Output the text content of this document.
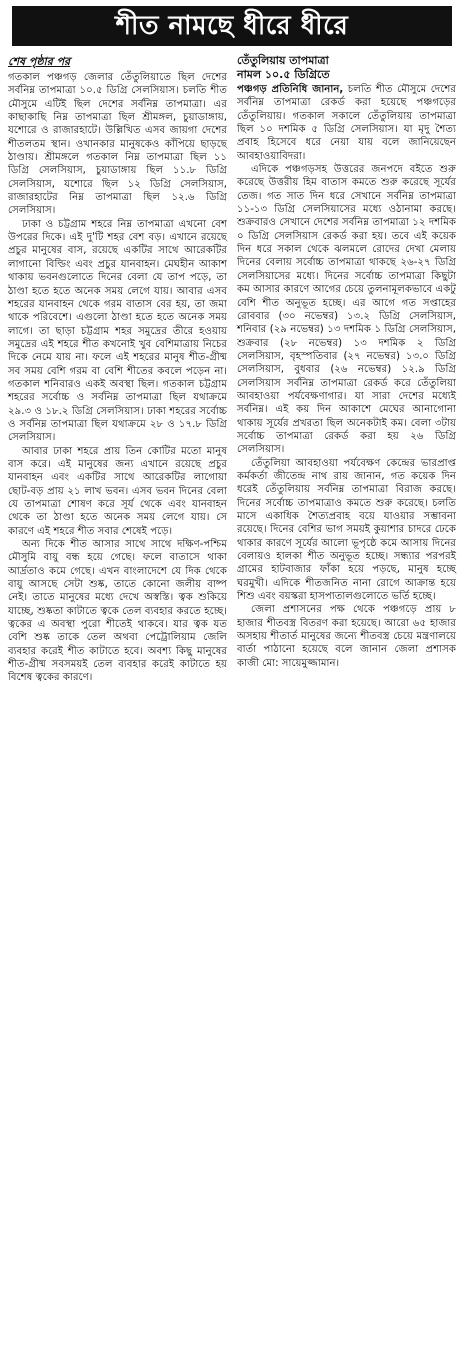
শীত নামছে ধীরে ধীরে
শেষ পৃষ্ঠার পর

গতকাল পঞ্চগড় জেলার তেঁতুলিয়াতে ছিল দেশের সর্বনিম্ন তাপমাত্রা ১০.৫ ডিগ্রি সেলসিয়াস। চলতি শীত মৌসুমে এটিই ছিল দেশের সর্বনিম্ন তাপমাত্রা। এর কাছাকাছি নিম্ন তাপমাত্রা ছিল শ্রীমঙ্গল, চুয়াডাঙ্গায়, যশোরে ও রাজারহাটে। উল্লিখিত এসব জায়গা দেশের শীতলতম স্থান। ওখানকার মানুষকেও কাঁপিয়ে ছাড়ছে ঠাণ্ডায়। শ্রীমঙ্গলে গতকাল নিম্ন তাপমাত্রা ছিল ১১ ডিগ্রি সেলসিয়াস, চুয়াডাঙ্গায় ছিল ১১.৮ ডিগ্রি সেলসিয়াস, যশোরে ছিল ১২ ডিগ্রি সেলসিয়াস, রাজারহাটের নিম্ন তাপমাত্রা ছিল ১২.৬ ডিগ্রি সেলসিয়াস।

ঢাকা ও চট্টগ্রাম শহরে নিম্ন তাপমাত্রা এখনো বেশ উপরের দিকে। এই দু'টি শহর বেশ বড়। এখানে রয়েছে প্রচুর মানুষের বাস, রয়েছে একটির সাথে আরেকটির লাগানো বিল্ডিং এবং প্রচুর যানবাহন। মেঘহীন আকাশ থাকায় ভবনগুলোতে দিনের বেলা যে তাপ পড়ে, তা ঠাণ্ডা হতে হতে অনেক সময় লেগে যায়। আবার এসব শহরের যানবাহন থেকে গরম বাতাস বের হয়, তা জমা থাকে পরিবেশে। এগুলো ঠাণ্ডা হতে হতে অনেক সময় লাগে। তা ছাড়া চট্টগ্রাম শহর সমুদ্রের তীরে হওয়ায় সমুদ্রের এই শহরে শীত কখনোই খুব বেশিমাত্রায় নিচের দিকে নেমে যায় না। ফলে এই শহরের মানুষ শীত-গ্রীষ্ম সব সময় বেশি গরম বা বেশি শীতের কবলে পড়েন না। গতকাল শনিবারও একই অবস্থা ছিল। গতকাল চট্টগ্রাম শহরের সর্বোচ্চ ও সর্বনিম্ন তাপমাত্রা ছিল যথাক্রমে ২৯.৩ ও ১৮.২ ডিগ্রি সেলসিয়াস। ঢাকা শহরের সর্বোচ্চ ও সর্বনিম্ন তাপমাত্রা ছিল যথাক্রমে ২৮ ও ১৭.৮ ডিগ্রি সেলসিয়াস।

আবার ঢাকা শহরে প্রায় তিন কোটির মতো মানুষ বাস করে। এই মানুষের জন্য এখানে রয়েছে প্রচুর যানবাহন এবং একটির সাথে আরেকটির লাগোয়া ছোট-বড় প্রায় ২১ লাখ ভবন। এসব ভবন দিনের বেলা যে তাপমাত্রা শোষণ করে সূর্য থেকে এবং যানবাহন থেকে তা ঠাণ্ডা হতে অনেক সময় লেগে যায়। সে কারণে এই শহরে শীত সবার শেষেই পড়ে।

অন্য দিকে শীত আসার সাথে সাথে দক্ষিণ-পশ্চিম মৌসুমি বায়ু বন্ধ হয়ে গেছে। ফলে বাতাসে থাকা আর্দ্রতাও কমে গেছে। এখন বাংলাদেশে যে দিক থেকে বায়ু আসছে সেটা শুষ্ক, তাতে কোনো জলীয় বাষ্প নেই। তাতে মানুষের মধ্যে দেখে অস্বস্তি। ত্বক শুকিয়ে যাচ্ছে, শুষ্কতা কাটাতে ত্বকে তেল ব্যবহার করতে হচ্ছে। ত্বকের এ অবস্থা পুরো শীতেই থাকবে। যার ত্বক যত বেশি শুষ্ক তাকে তেল অথবা পেট্রোলিয়াম জেলি ব্যবহার করেই শীত কাটাতে হবে। অবশ্য কিছু মানুষের শীত-গ্রীষ্ম সবসময়ই তেল ব্যবহার করেই কাটাতে হয় বিশেষ ত্বকের কারণে।

তেঁতুলিয়ায় তাপমাত্রা
নামল ১০.৫ ডিগ্রিতে

পঞ্চগড় প্রতিনিধি জানান, চলতি শীত মৌসুমে দেশের সর্বনিম্ন তাপমাত্রা রেকর্ড করা হয়েছে পঞ্চগড়ের তেঁতুলিয়ায়। গতকাল সকালে তেঁতুলিয়ায় তাপমাত্রা ছিল ১০ দশমিক ৫ ডিগ্রি সেলসিয়াস। যা মৃদু শৈত্য প্রবাহ হিসেবে ধরে নেয়া যায় বলে জানিয়েছেন আবহাওয়াবিদরা।

এদিকে পঞ্চগড়সহ উত্তরের জনপদে বইতে শুরু করেছে উত্তরীয় হিম বাতাস কমতে শুরু করেছে সূর্যের তেজ। গত সাত দিন ধরে সেখানে সর্বনিম্ন তাপমাত্রা ১১-১৩ ডিগ্রি সেলসিয়াসের মধ্যে ওঠানামা করছে। শুক্রবারও সেখানে দেশের সর্বনিম্ন তাপমাত্রা ১২ দশমিক ০ ডিগ্রি সেলসিয়াস রেকর্ড করা হয়। তবে এই কয়েক দিন ধরে সকাল থেকে ঝলমলে রোদের দেখা মেলায় দিনের বেলায় সর্বোচ্চ তাপমাত্রা থাকছে ২৬-২৭ ডিগ্রি সেলসিয়াসের মধ্যে। দিনের সর্বোচ্চ তাপমাত্রা কিছুটা কম আসার কারণে আগের চেয়ে তুলনামূলকভাবে একটু বেশি শীত অনুভূত হচ্ছে। এর আগে গত সপ্তাহের রোববার (৩০ নভেম্বর) ১৩.২ ডিগ্রি সেলসিয়াস, শনিবার (২৯ নভেম্বর) ১৩ দশমিক ১ ডিগ্রি সেলসিয়াস, শুক্রবার (২৮ নভেম্বর) ১৩ দশমিক ২ ডিগ্রি সেলসিয়াস, বৃহস্পতিবার (২৭ নভেম্বর) ১৩.০ ডিগ্রি সেলসিয়াস, বুধবার (২৬ নভেম্বর) ১২.৯ ডিগ্রি সেলসিয়াস সর্বনিম্ন তাপমাত্রা রেকর্ড করে তেঁতুলিয়া আবহাওয়া পর্যবেক্ষণাগার। যা সারা দেশের মধ্যেই সর্বনিম্ন। এই কয় দিন আকাশে মেঘের আনাগোনা থাকায় সূর্যের প্রখরতা ছিল অনেকটাই কম। বেলা ৩টায় সর্বোচ্চ তাপমাত্রা রেকর্ড করা হয় ২৬ ডিগ্রি সেলসিয়াস।

তেঁতুলিয়া আবহাওয়া পর্যবেক্ষণ কেন্দ্রের ভারপ্রাপ্ত কর্মকর্তা জীতেন্দ্র নাথ রায় জানান, গত কয়েক দিন ধরেই তেঁতুলিয়ায় সর্বনিম্ন তাপমাত্রা বিরাজ করছে। দিনের সর্বোচ্চ তাপমাত্রাও কমতে শুরু করেছে। চলতি মাসে একাধিক শৈত্যপ্রবাহ বয়ে যাওয়ার সম্ভাবনা রয়েছে। দিনের বেশির ভাগ সময়ই কুয়াশার চাদরে ঢেকে থাকার কারণে সূর্যের আলো ভূপৃষ্ঠে কমে আসায় দিনের বেলায়ও হালকা শীত অনুভূত হচ্ছে। সন্ধ্যার পরপরই গ্রামের হাটবাজার ফাঁকা হয়ে পড়ছে, মানুষ হচ্ছে ঘরমুখী। এদিকে শীতজনিত নানা রোগে আক্রান্ত হয়ে শিশু এবং বয়স্করা হাসপাতালগুলোতে ভর্তি হচ্ছে।

জেলা প্রশাসনের পক্ষ থেকে পঞ্চগড়ে প্রায় ৮ হাজার শীতবস্ত্র বিতরণ করা হয়েছে। আরো ৬৫ হাজার অসহায় শীতার্ত মানুষের জন্যে শীতবস্ত্র চেয়ে মন্ত্রণালয়ে বার্তা পাঠানো হয়েছে বলে জানান জেলা প্রশাসক কাজী মো: সায়েমুজ্জামান।
